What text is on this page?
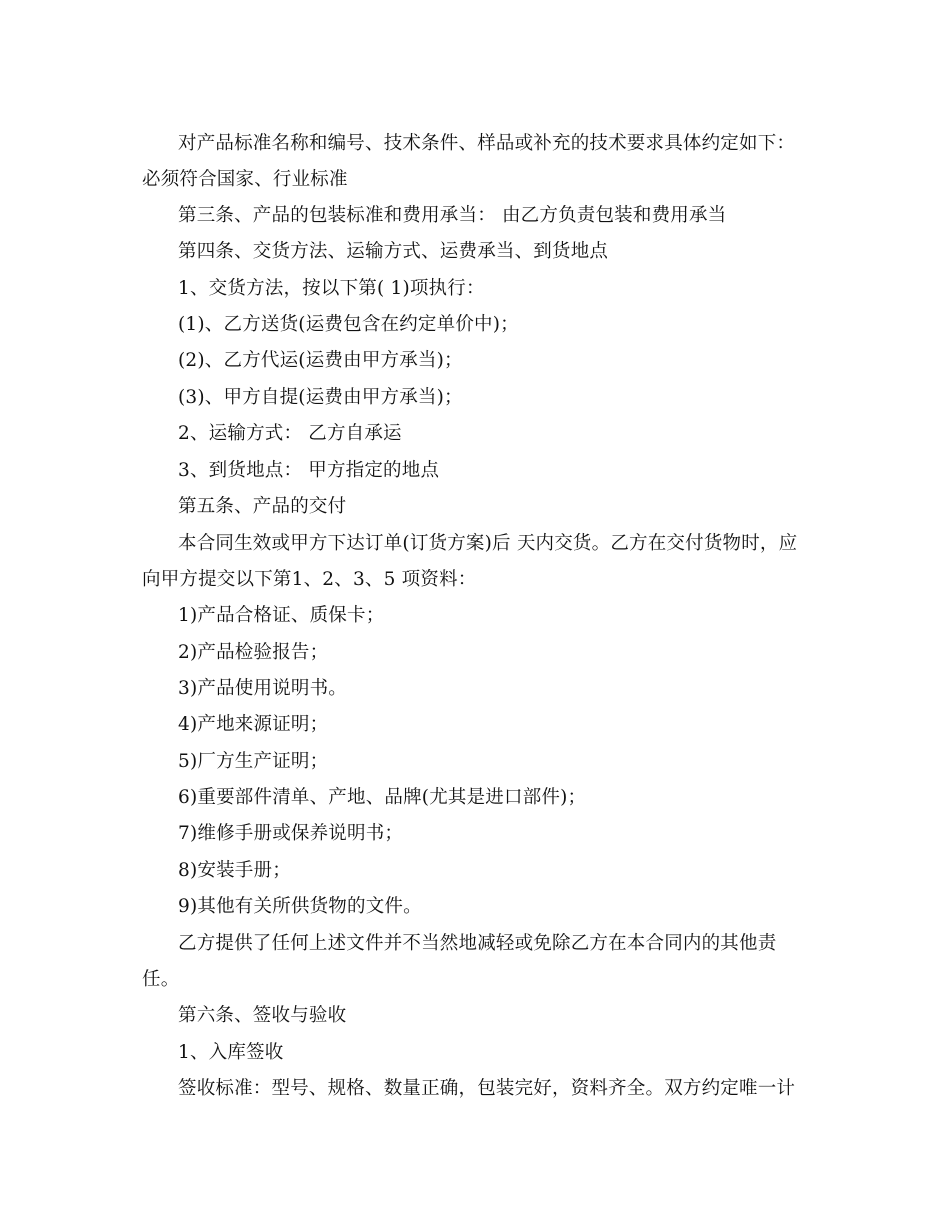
对产品标准名称和编号、技术条件、样品或补充的技术要求具体约定如下：
必须符合国家、行业标准
第三条、产品的包装标准和费用承当： 由乙方负责包装和费用承当
第四条、交货方法、运输方式、运费承当、到货地点
1、交货方法，按以下第( 1)项执行：
(1)、乙方送货(运费包含在约定单价中)；
(2)、乙方代运(运费由甲方承当)；
(3)、甲方自提(运费由甲方承当)；
2、运输方式： 乙方自承运
3、到货地点： 甲方指定的地点
第五条、产品的交付
本合同生效或甲方下达订单(订货方案)后 天内交货。乙方在交付货物时，应
向甲方提交以下第1、2、3、5 项资料：
1)产品合格证、质保卡；
2)产品检验报告；
3)产品使用说明书。
4)产地来源证明；
5)厂方生产证明；
6)重要部件清单、产地、品牌(尤其是进口部件)；
7)维修手册或保养说明书；
8)安装手册；
9)其他有关所供货物的文件。
乙方提供了任何上述文件并不当然地减轻或免除乙方在本合同内的其他责
任。
第六条、签收与验收
1、入库签收
签收标准：型号、规格、数量正确，包装完好，资料齐全。双方约定唯一计
